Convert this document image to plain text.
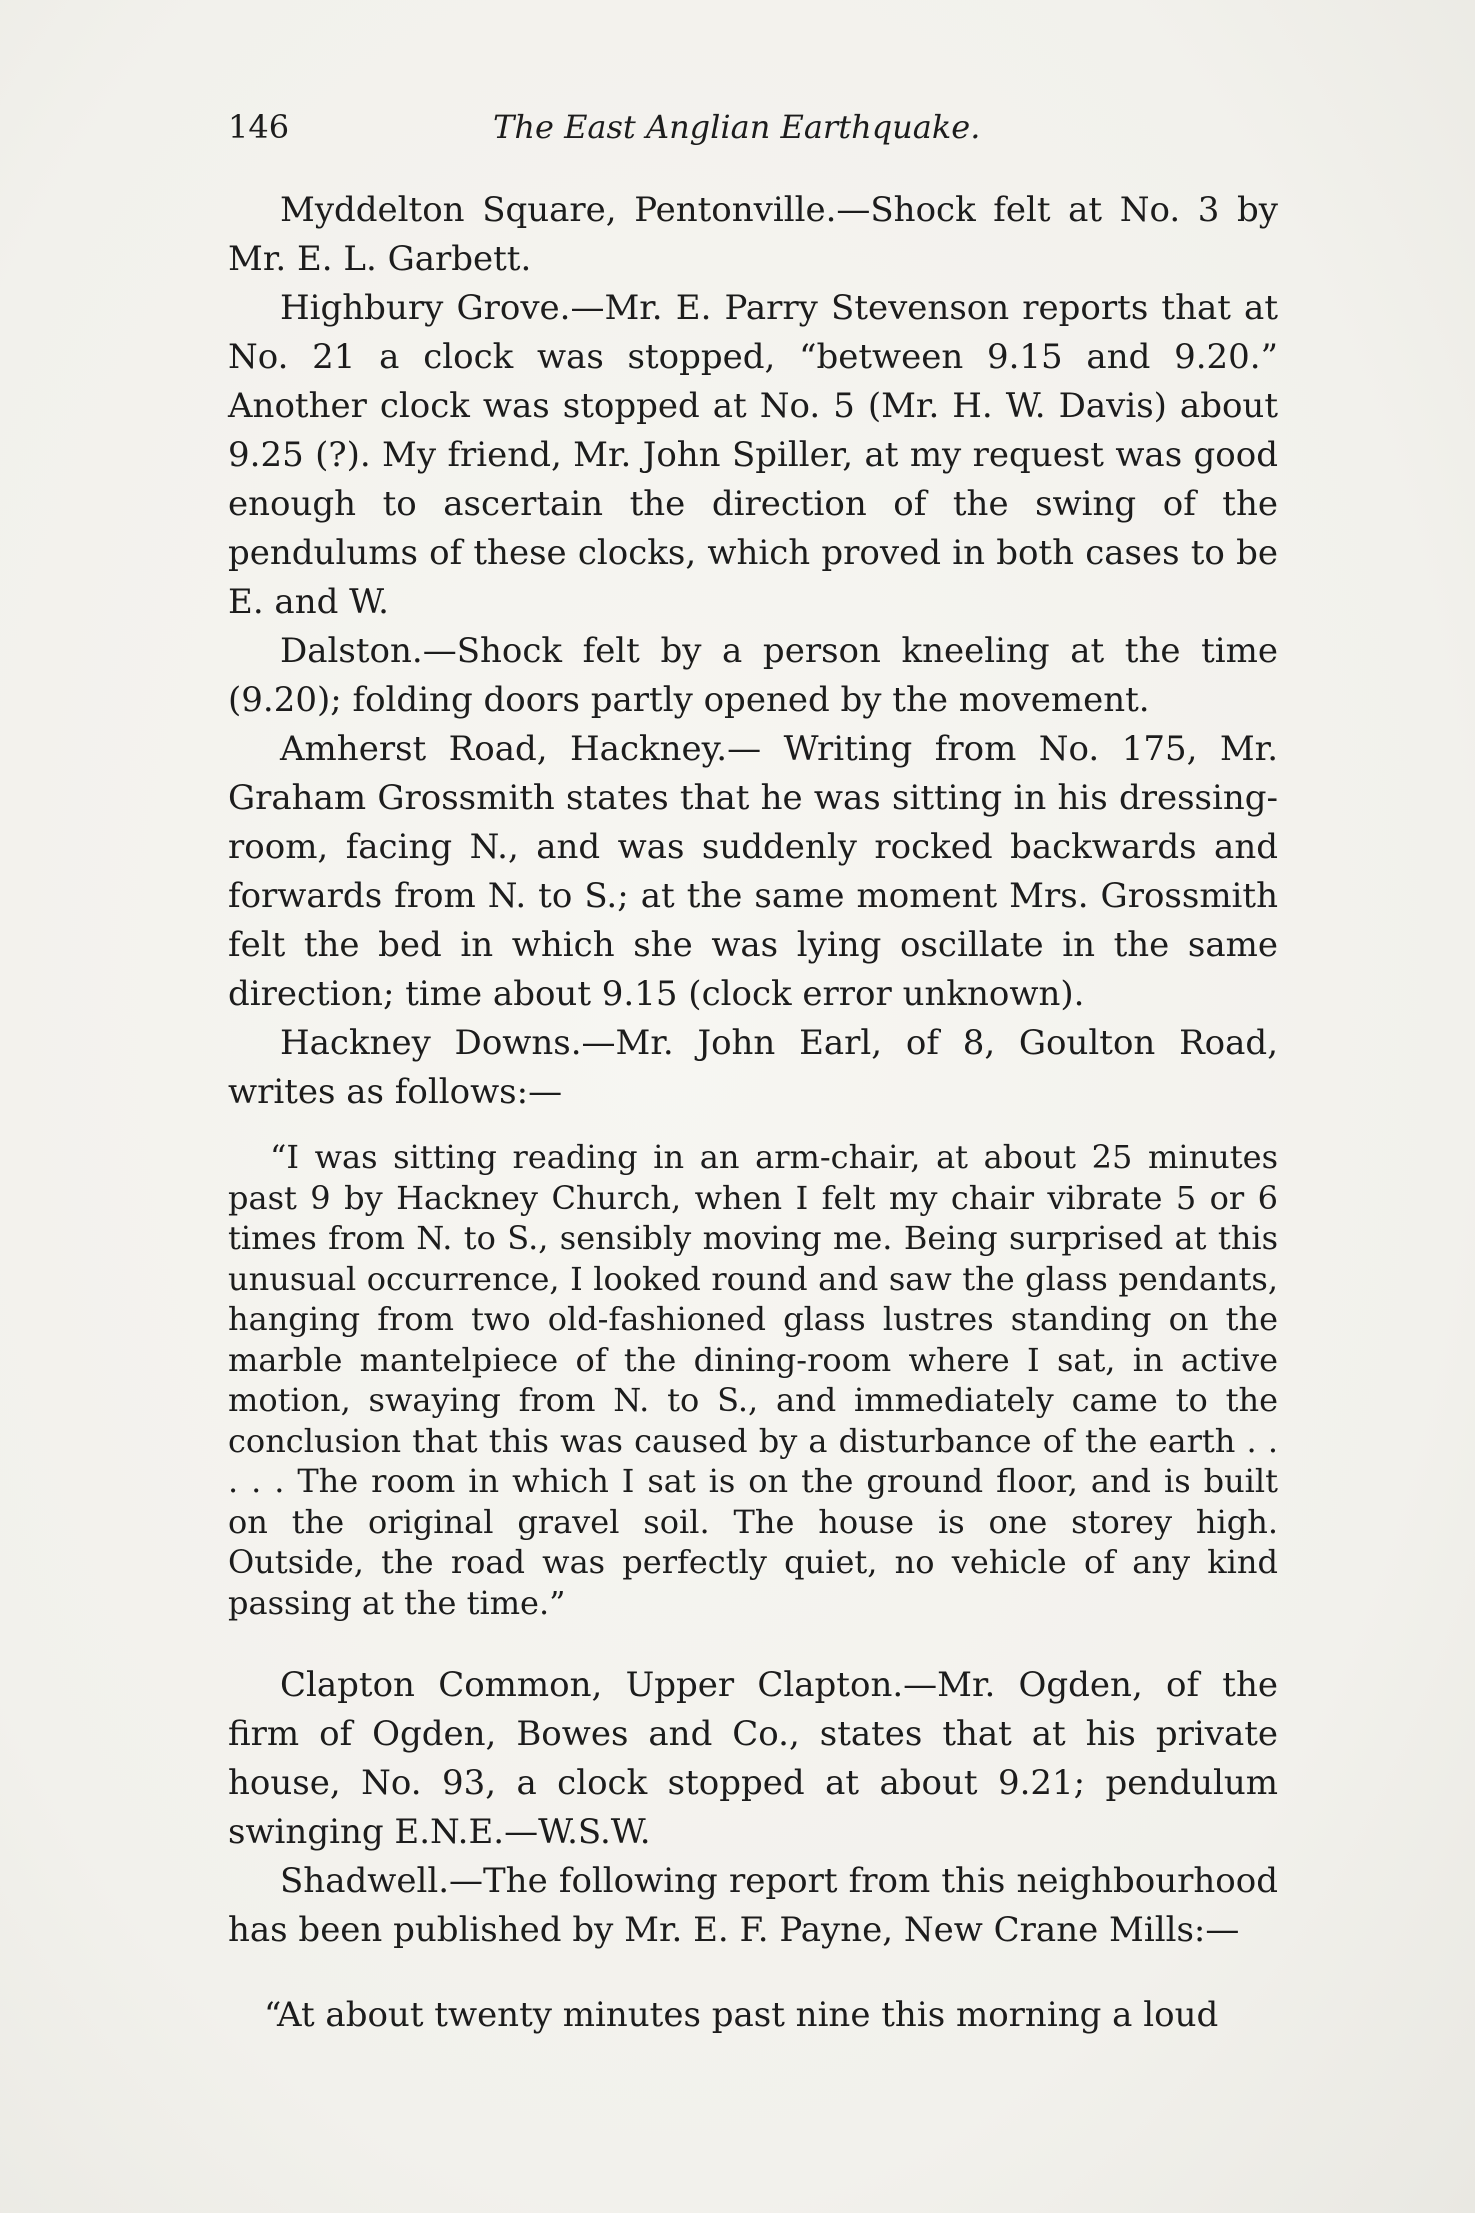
146	The East Anglian Earthquake.

Myddelton Square, Pentonville.—Shock felt at No. 3 by Mr. E. L. Garbett.

Highbury Grove.—Mr. E. Parry Stevenson reports that at No. 21 a clock was stopped, “between 9.15 and 9.20.” Another clock was stopped at No. 5 (Mr. H. W. Davis) about 9.25 (?). My friend, Mr. John Spiller, at my request was good enough to ascertain the direction of the swing of the pendulums of these clocks, which proved in both cases to be E. and W.

Dalston.—Shock felt by a person kneeling at the time (9.20); folding doors partly opened by the movement.

Amherst Road, Hackney.— Writing from No. 175, Mr. Graham Grossmith states that he was sitting in his dressing-room, facing N., and was suddenly rocked backwards and forwards from N. to S.; at the same moment Mrs. Grossmith felt the bed in which she was lying oscillate in the same direction; time about 9.15 (clock error unknown).

Hackney Downs.—Mr. John Earl, of 8, Goulton Road, writes as follows:—

“I was sitting reading in an arm-chair, at about 25 minutes past 9 by Hackney Church, when I felt my chair vibrate 5 or 6 times from N. to S., sensibly moving me. Being surprised at this unusual occurrence, I looked round and saw the glass pendants, hanging from two old-fashioned glass lustres standing on the marble mantelpiece of the dining-room where I sat, in active motion, swaying from N. to S., and immediately came to the conclusion that this was caused by a disturbance of the earth . . . . . The room in which I sat is on the ground floor, and is built on the original gravel soil. The house is one storey high. Outside, the road was perfectly quiet, no vehicle of any kind passing at the time.”

Clapton Common, Upper Clapton.—Mr. Ogden, of the firm of Ogden, Bowes and Co., states that at his private house, No. 93, a clock stopped at about 9.21; pendulum swinging E.N.E.—W.S.W.

Shadwell.—The following report from this neighbourhood has been published by Mr. E. F. Payne, New Crane Mills:—

“At about twenty minutes past nine this morning a loud
